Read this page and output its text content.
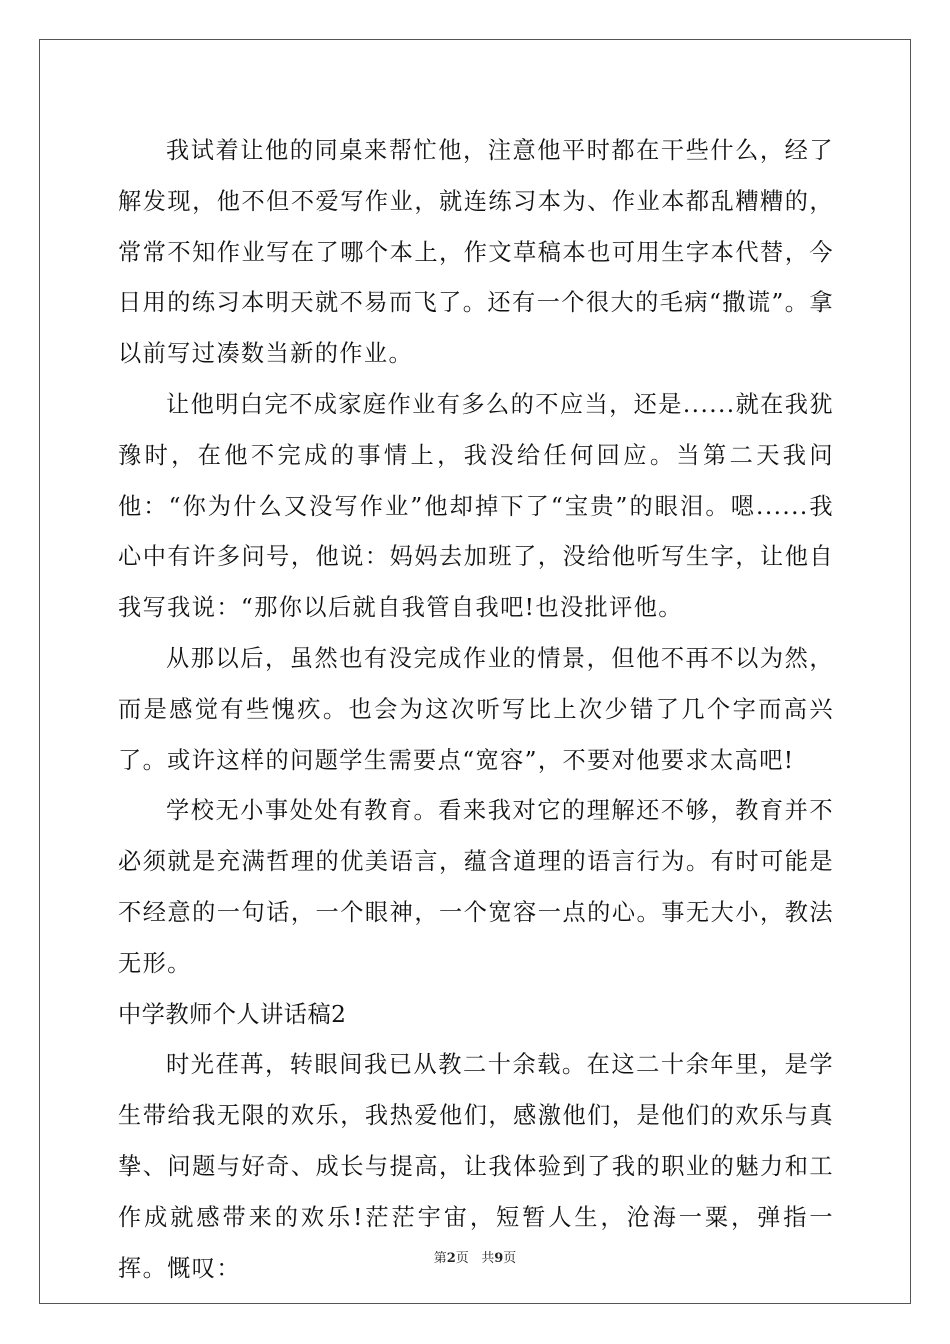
我试着让他的同桌来帮忙他，注意他平时都在干些什么，经了解发现，他不但不爱写作业，就连练习本为、作业本都乱糟糟的，常常不知作业写在了哪个本上，作文草稿本也可用生字本代替，今日用的练习本明天就不易而飞了。还有一个很大的毛病“撒谎”。拿以前写过凑数当新的作业。

让他明白完不成家庭作业有多么的不应当，还是......就在我犹豫时，在他不完成的事情上，我没给任何回应。当第二天我问他：“你为什么又没写作业”他却掉下了“宝贵”的眼泪。嗯......我心中有许多问号，他说：妈妈去加班了，没给他听写生字，让他自我写我说：“那你以后就自我管自我吧!也没批评他。

从那以后，虽然也有没完成作业的情景，但他不再不以为然，而是感觉有些愧疚。也会为这次听写比上次少错了几个字而高兴了。或许这样的问题学生需要点“宽容”，不要对他要求太高吧!

学校无小事处处有教育。看来我对它的理解还不够，教育并不必须就是充满哲理的优美语言，蕴含道理的语言行为。有时可能是不经意的一句话，一个眼神，一个宽容一点的心。事无大小，教法无形。

中学教师个人讲话稿2

时光荏苒，转眼间我已从教二十余载。在这二十余年里，是学生带给我无限的欢乐，我热爱他们，感激他们，是他们的欢乐与真挚、问题与好奇、成长与提高，让我体验到了我的职业的魅力和工作成就感带来的欢乐!茫茫宇宙，短暂人生，沧海一粟，弹指一挥。慨叹：	第2页 共9页
